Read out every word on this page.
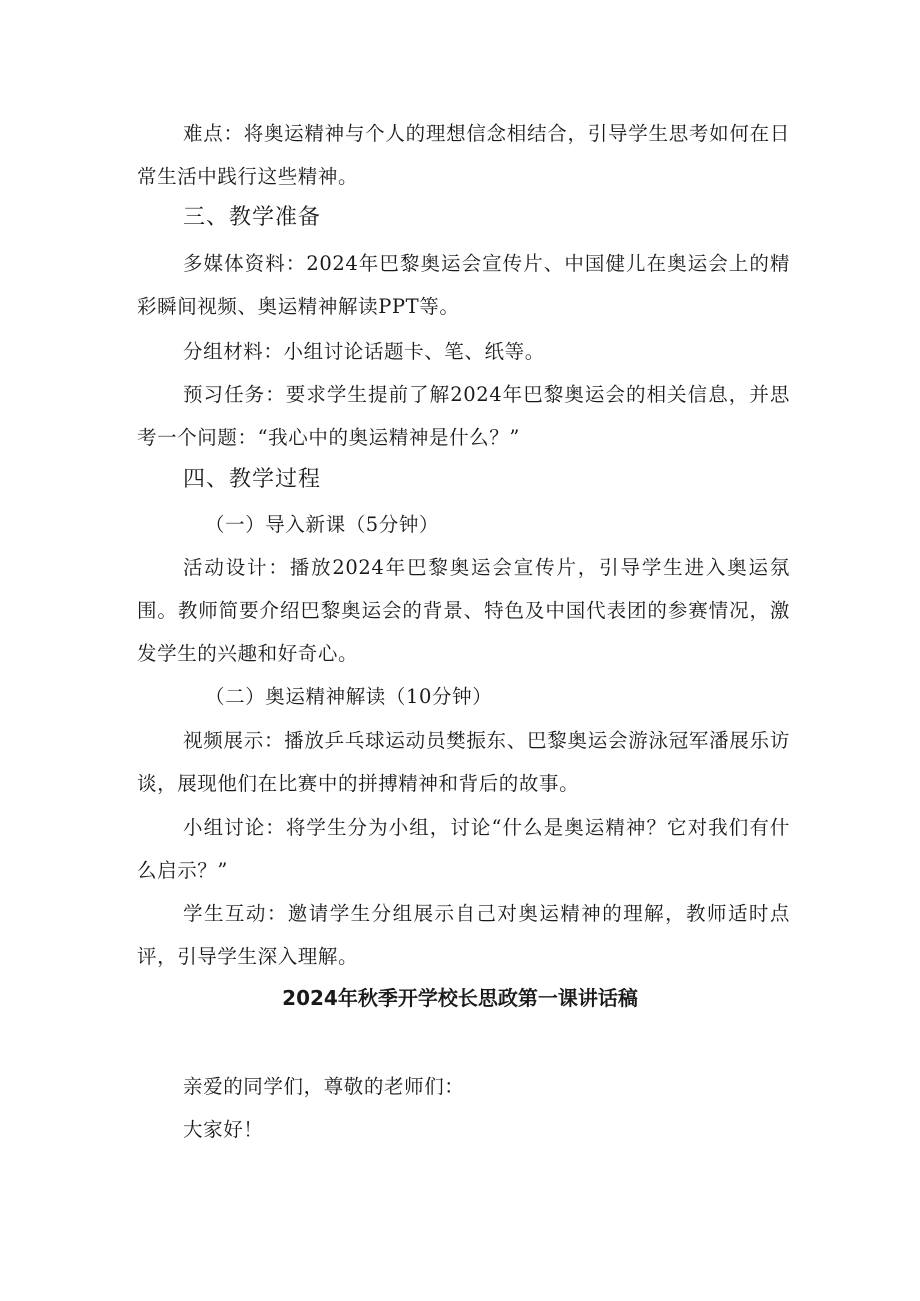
难点：将奥运精神与个人的理想信念相结合，引导学生思考如何在日常生活中践行这些精神。

三、教学准备

多媒体资料：2024年巴黎奥运会宣传片、中国健儿在奥运会上的精彩瞬间视频、奥运精神解读PPT等。

分组材料：小组讨论话题卡、笔、纸等。

预习任务：要求学生提前了解2024年巴黎奥运会的相关信息，并思考一个问题：“我心中的奥运精神是什么？”

四、教学过程

（一）导入新课（5分钟）

活动设计：播放2024年巴黎奥运会宣传片，引导学生进入奥运氛围。教师简要介绍巴黎奥运会的背景、特色及中国代表团的参赛情况，激发学生的兴趣和好奇心。

（二）奥运精神解读（10分钟）

视频展示：播放乒乓球运动员樊振东、巴黎奥运会游泳冠军潘展乐访谈，展现他们在比赛中的拼搏精神和背后的故事。

小组讨论：将学生分为小组，讨论“什么是奥运精神？它对我们有什么启示？”

学生互动：邀请学生分组展示自己对奥运精神的理解，教师适时点评，引导学生深入理解。

2024年秋季开学校长思政第一课讲话稿

亲爱的同学们，尊敬的老师们：

大家好！
